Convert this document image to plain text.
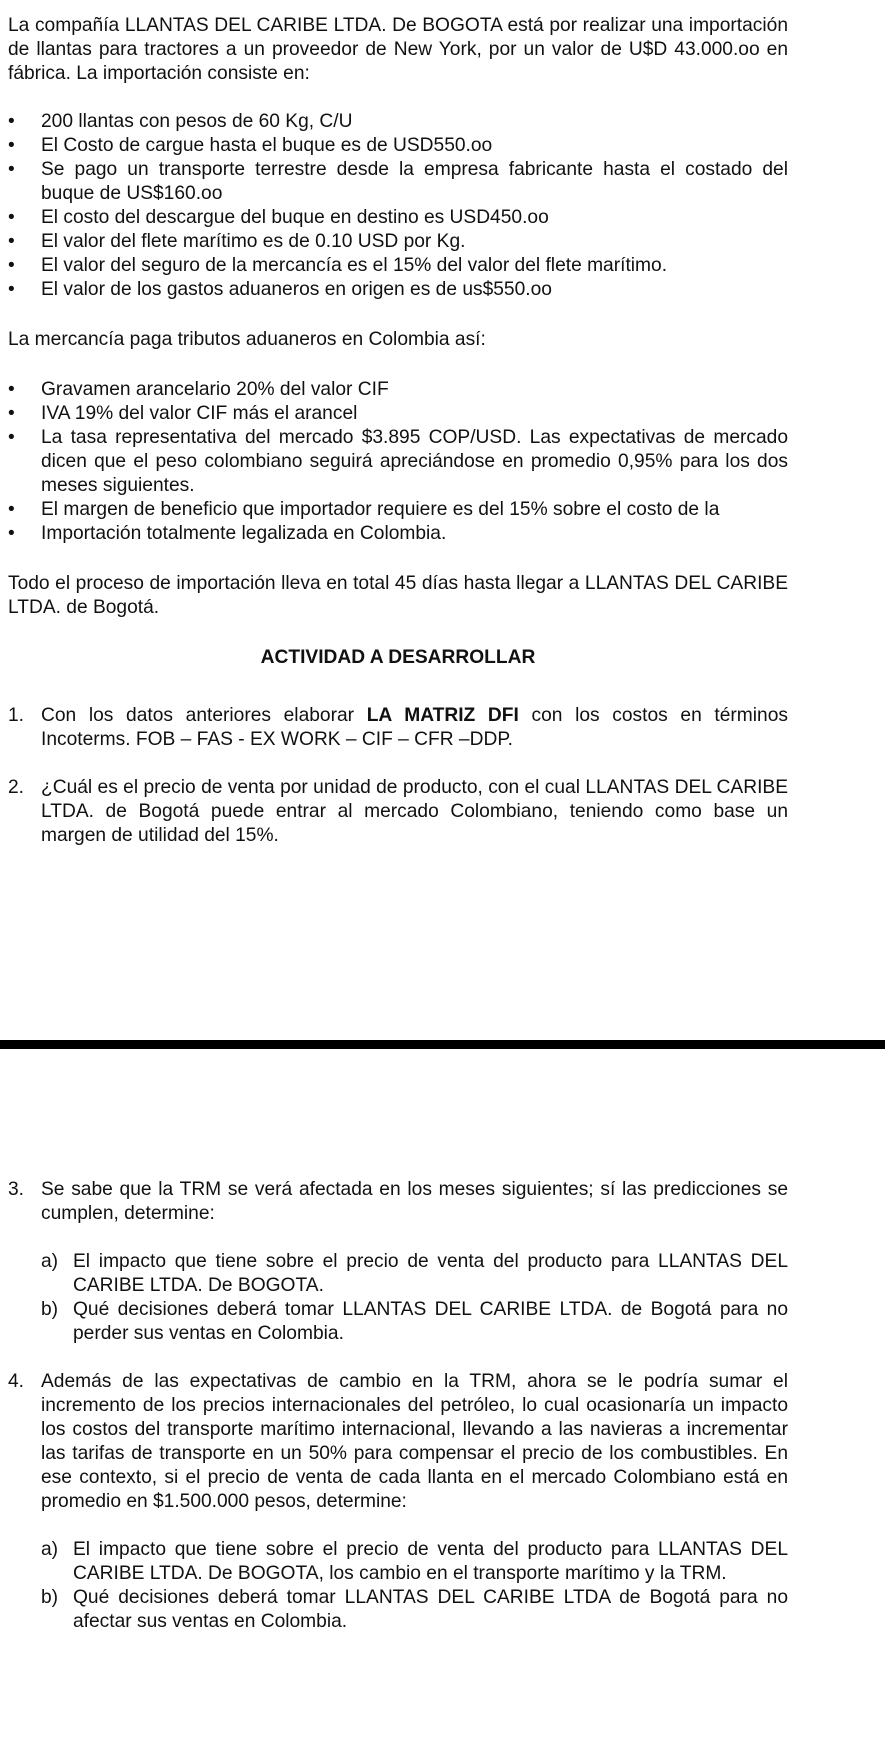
La compañía LLANTAS DEL CARIBE LTDA. De BOGOTA está por realizar una importación de llantas para tractores a un proveedor de New York, por un valor de U$D 43.000.oo en fábrica. La importación consiste en:

• 200 llantas con pesos de 60 Kg, C/U
• El Costo de cargue hasta el buque es de USD550.oo
• Se pago un transporte terrestre desde la empresa fabricante hasta el costado del buque de US$160.oo
• El costo del descargue del buque en destino es USD450.oo
• El valor del flete marítimo es de 0.10 USD por Kg.
• El valor del seguro de la mercancía es el 15% del valor del flete marítimo.
• El valor de los gastos aduaneros en origen es de us$550.oo

La mercancía paga tributos aduaneros en Colombia así:

• Gravamen arancelario 20% del valor CIF
• IVA 19% del valor CIF más el arancel
• La tasa representativa del mercado $3.895 COP/USD. Las expectativas de mercado dicen que el peso colombiano seguirá apreciándose en promedio 0,95% para los dos meses siguientes.
• El margen de beneficio que importador requiere es del 15% sobre el costo de la
• Importación totalmente legalizada en Colombia.

Todo el proceso de importación lleva en total 45 días hasta llegar a LLANTAS DEL CARIBE LTDA. de Bogotá.

ACTIVIDAD A DESARROLLAR

1. Con los datos anteriores elaborar LA MATRIZ DFI con los costos en términos Incoterms. FOB – FAS - EX WORK – CIF – CFR –DDP.
2. ¿Cuál es el precio de venta por unidad de producto, con el cual LLANTAS DEL CARIBE LTDA. de Bogotá puede entrar al mercado Colombiano, teniendo como base un margen de utilidad del 15%.
3. Se sabe que la TRM se verá afectada en los meses siguientes; sí las predicciones se cumplen, determine:
a) El impacto que tiene sobre el precio de venta del producto para LLANTAS DEL CARIBE LTDA. De BOGOTA.
b) Qué decisiones deberá tomar LLANTAS DEL CARIBE LTDA. de Bogotá para no perder sus ventas en Colombia.
4. Además de las expectativas de cambio en la TRM, ahora se le podría sumar el incremento de los precios internacionales del petróleo, lo cual ocasionaría un impacto los costos del transporte marítimo internacional, llevando a las navieras a incrementar las tarifas de transporte en un 50% para compensar el precio de los combustibles. En ese contexto, si el precio de venta de cada llanta en el mercado Colombiano está en promedio en $1.500.000 pesos, determine:
a) El impacto que tiene sobre el precio de venta del producto para LLANTAS DEL CARIBE LTDA. De BOGOTA, los cambio en el transporte marítimo y la TRM.
b) Qué decisiones deberá tomar LLANTAS DEL CARIBE LTDA de Bogotá para no afectar sus ventas en Colombia.
